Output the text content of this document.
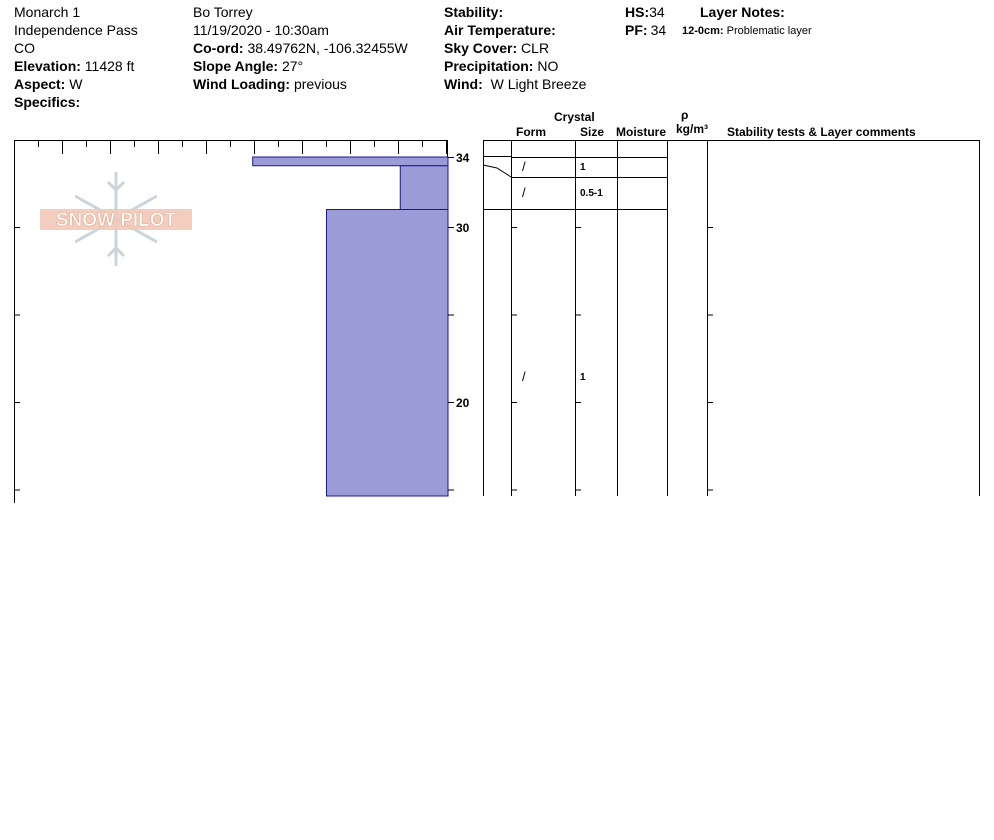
Monarch 1
Independence Pass
CO
Elevation: 11428 ft
Aspect: W
Specifics:
Bo Torrey
11/19/2020 - 10:30am
Co-ord: 38.49762N, -106.32455W
Slope Angle: 27°
Wind Loading: previous
Stability:
Air Temperature:
Sky Cover: CLR
Precipitation: NO
Wind: W Light Breeze
HS:34
PF: 34
Layer Notes:
12-0cm: Problematic layer
Crystal
Form	Size Moisture
ρ
kg/m³ Stability tests & Layer comments
SNOW PILOT
34
30
20
/	1
/	0.5-1
/	1
